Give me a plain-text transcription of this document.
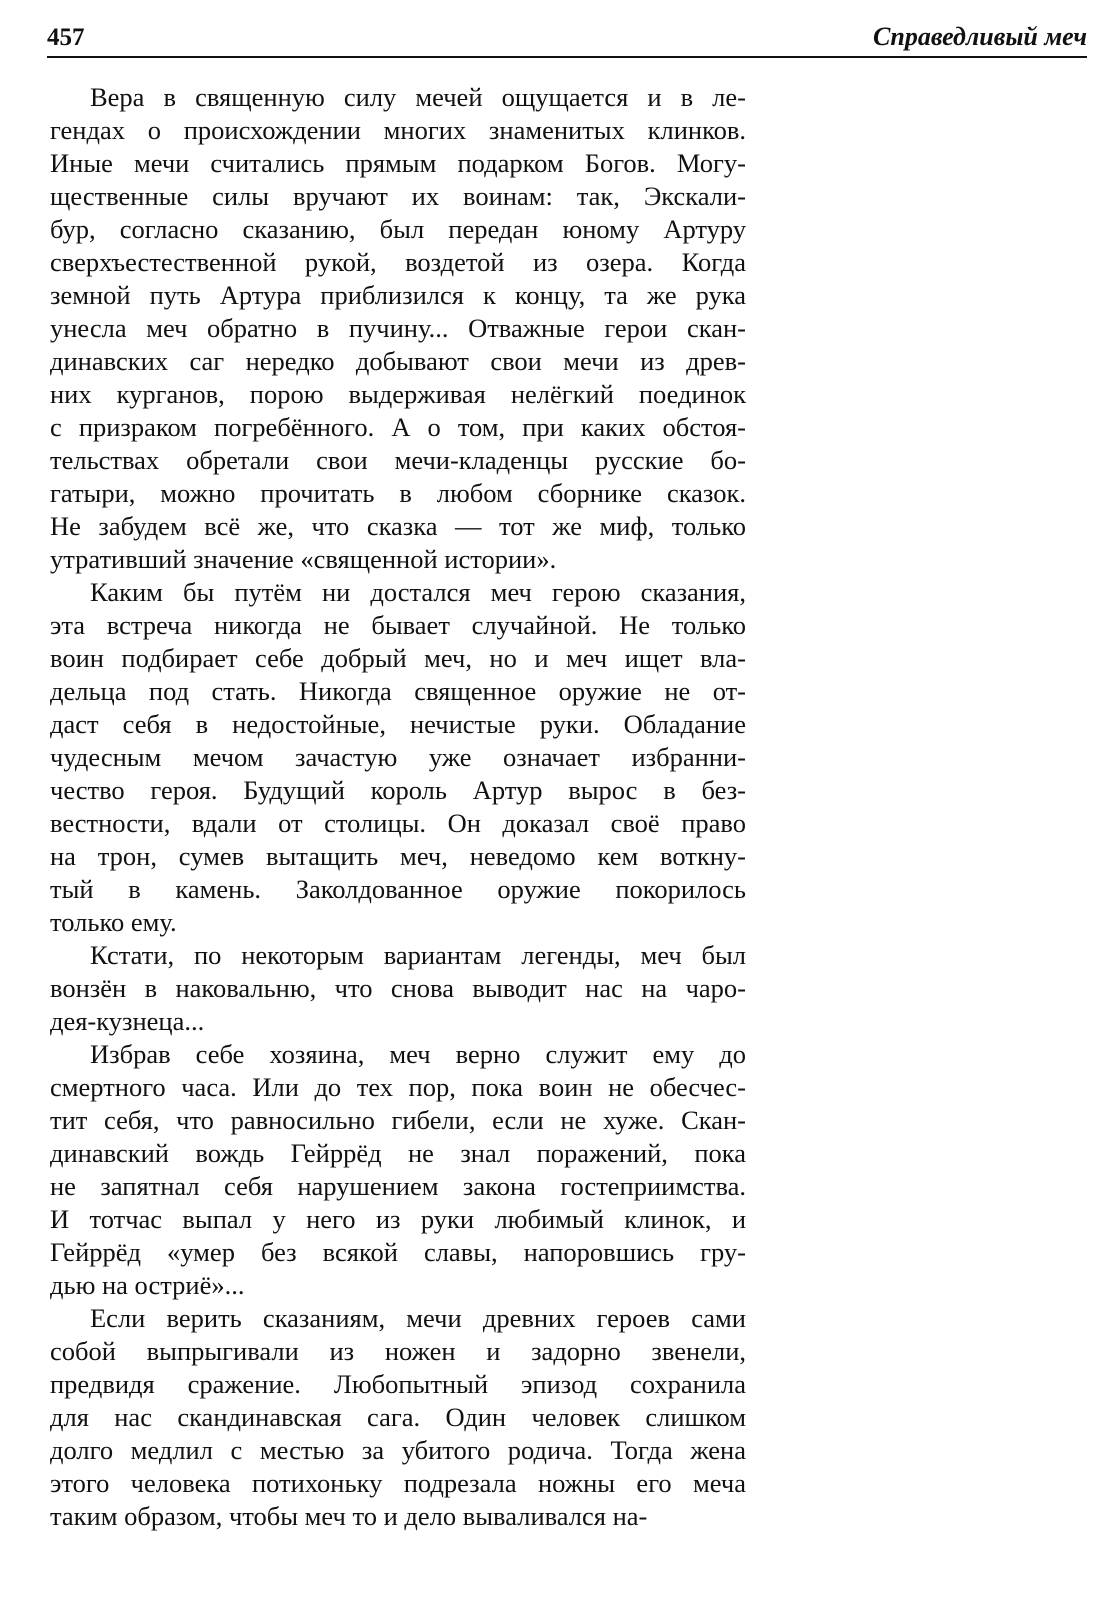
457	Справедливый меч
Вера в священную силу мечей ощущается и в ле-
гендах о происхождении многих знаменитых клинков.
Иные мечи считались прямым подарком Богов. Могу-
щественные силы вручают их воинам: так, Экскали-
бур, согласно сказанию, был передан юному Артуру
сверхъестественной рукой, воздетой из озера. Когда
земной путь Артура приблизился к концу, та же рука
унесла меч обратно в пучину... Отважные герои скан-
динавских саг нередко добывают свои мечи из древ-
них курганов, порою выдерживая нелёгкий поединок
с призраком погребённого. А о том, при каких обстоя-
тельствах обретали свои мечи-кладенцы русские бо-
гатыри, можно прочитать в любом сборнике сказок.
Не забудем всё же, что сказка — тот же миф, только
утративший значение «священной истории».
Каким бы путём ни достался меч герою сказания,
эта встреча никогда не бывает случайной. Не только
воин подбирает себе добрый меч, но и меч ищет вла-
дельца под стать. Никогда священное оружие не от-
даст себя в недостойные, нечистые руки. Обладание
чудесным мечом зачастую уже означает избранни-
чество героя. Будущий король Артур вырос в без-
вестности, вдали от столицы. Он доказал своё право
на трон, сумев вытащить меч, неведомо кем воткну-
тый в камень. Заколдованное оружие покорилось
только ему.
Кстати, по некоторым вариантам легенды, меч был
вонзён в наковальню, что снова выводит нас на чаро-
дея-кузнеца...
Избрав себе хозяина, меч верно служит ему до
смертного часа. Или до тех пор, пока воин не обесчес-
тит себя, что равносильно гибели, если не хуже. Скан-
динавский вождь Гейррёд не знал поражений, пока
не запятнал себя нарушением закона гостеприимства.
И тотчас выпал у него из руки любимый клинок, и
Гейррёд «умер без всякой славы, напоровшись гру-
дью на остриё»...
Если верить сказаниям, мечи древних героев сами
собой выпрыгивали из ножен и задорно звенели,
предвидя сражение. Любопытный эпизод сохранила
для нас скандинавская сага. Один человек слишком
долго медлил с местью за убитого родича. Тогда жена
этого человека потихоньку подрезала ножны его меча
таким образом, чтобы меч то и дело вываливался на-
